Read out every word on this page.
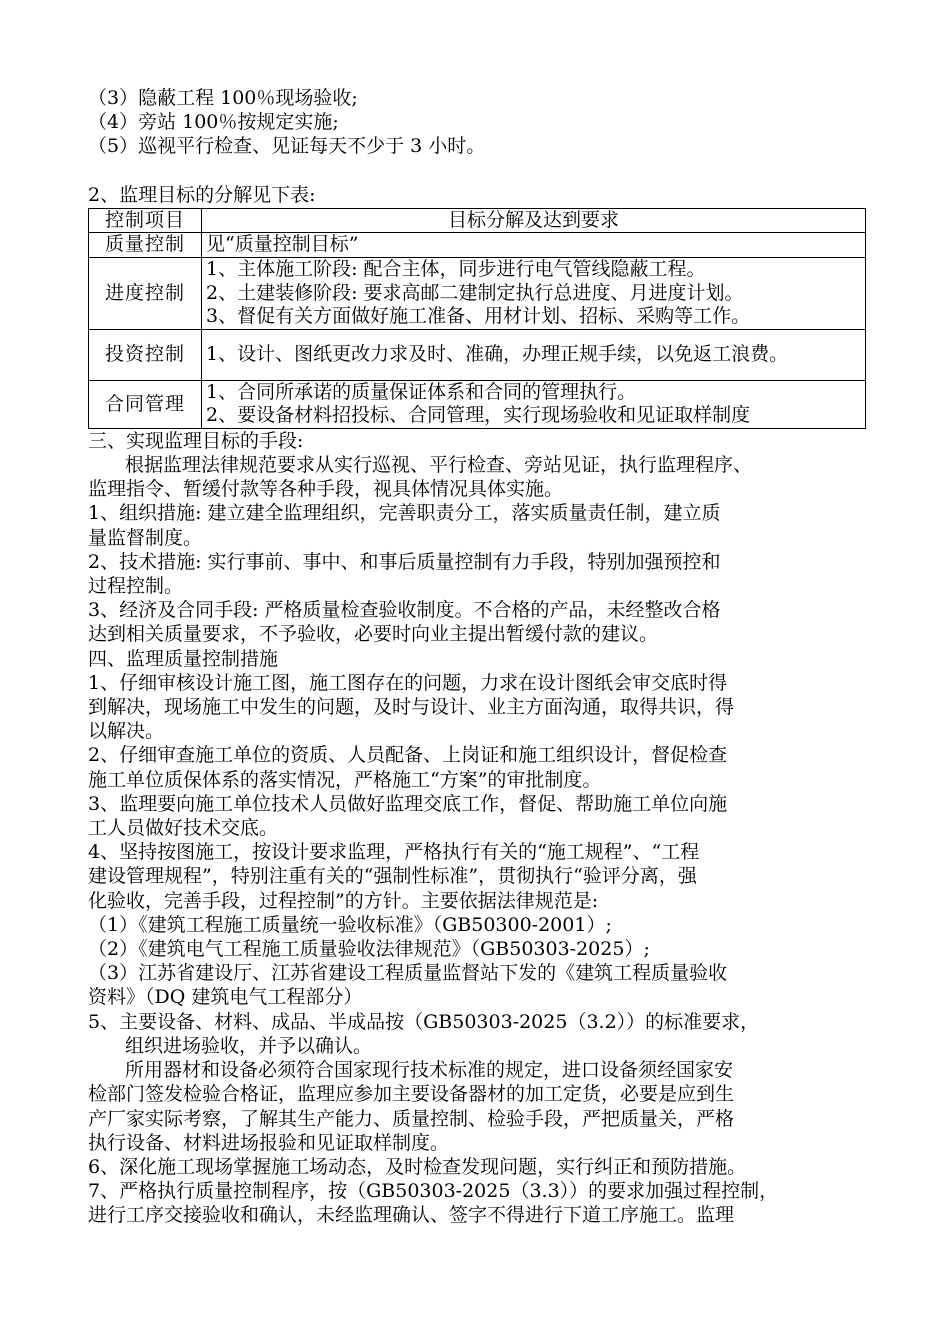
（3）隐蔽工程 100％现场验收;
（4）旁站 100％按规定实施;
（5）巡视平行检查、见证每天不少于 3 小时。
2、监理目标的分解见下表:
控制项目	目标分解及达到要求
质量控制	见“质量控制目标”

进度控制	1、主体施工阶段: 配合主体，同步进行电气管线隐蔽工程。
2、土建装修阶段: 要求高邮二建制定执行总进度、月进度计划。
3、督促有关方面做好施工准备、用材计划、招标、采购等工作。

投资控制	1、设计、图纸更改力求及时、准确，办理正规手续，以免返工浪费。

合同管理	1、合同所承诺的质量保证体系和合同的管理执行。
2、要设备材料招投标、合同管理，实行现场验收和见证取样制度
三、实现监理目标的手段:
根据监理法律规范要求从实行巡视、平行检查、旁站见证，执行监理程序、
监理指令、暂缓付款等各种手段，视具体情况具体实施。
1、组织措施: 建立建全监理组织，完善职责分工，落实质量责任制，建立质
量监督制度。
2、技术措施: 实行事前、事中、和事后质量控制有力手段，特别加强预控和
过程控制。
3、经济及合同手段: 严格质量检查验收制度。不合格的产品，未经整改合格
达到相关质量要求，不予验收，必要时向业主提出暂缓付款的建议。
四、监理质量控制措施
1、仔细审核设计施工图，施工图存在的问题，力求在设计图纸会审交底时得
到解决，现场施工中发生的问题，及时与设计、业主方面沟通，取得共识，得
以解决。
2、仔细审查施工单位的资质、人员配备、上岗证和施工组织设计，督促检查
施工单位质保体系的落实情况，严格施工“方案”的审批制度。
3、监理要向施工单位技术人员做好监理交底工作，督促、帮助施工单位向施
工人员做好技术交底。
4、坚持按图施工，按设计要求监理，严格执行有关的“施工规程”、“工程
建设管理规程”，特别注重有关的“强制性标准”，贯彻执行“验评分离，强
化验收，完善手段，过程控制”的方针。主要依据法律规范是:
（1）《建筑工程施工质量统一验收标准》（GB50300-2001）;
（2）《建筑电气工程施工质量验收法律规范》（GB50303-2025）;
（3）江苏省建设厅、江苏省建设工程质量监督站下发的《建筑工程质量验收
资料》（DQ 建筑电气工程部分）
5、主要设备、材料、成品、半成品按（GB50303-2025（3.2））的标准要求，
组织进场验收，并予以确认。
所用器材和设备必须符合国家现行技术标准的规定，进口设备须经国家安
检部门签发检验合格证，监理应参加主要设备器材的加工定货，必要是应到生
产厂家实际考察，了解其生产能力、质量控制、检验手段，严把质量关，严格
执行设备、材料进场报验和见证取样制度。
6、深化施工现场掌握施工场动态，及时检查发现问题，实行纠正和预防措施。
7、严格执行质量控制程序，按（GB50303-2025（3.3））的要求加强过程控制，
进行工序交接验收和确认，未经监理确认、签字不得进行下道工序施工。监理
